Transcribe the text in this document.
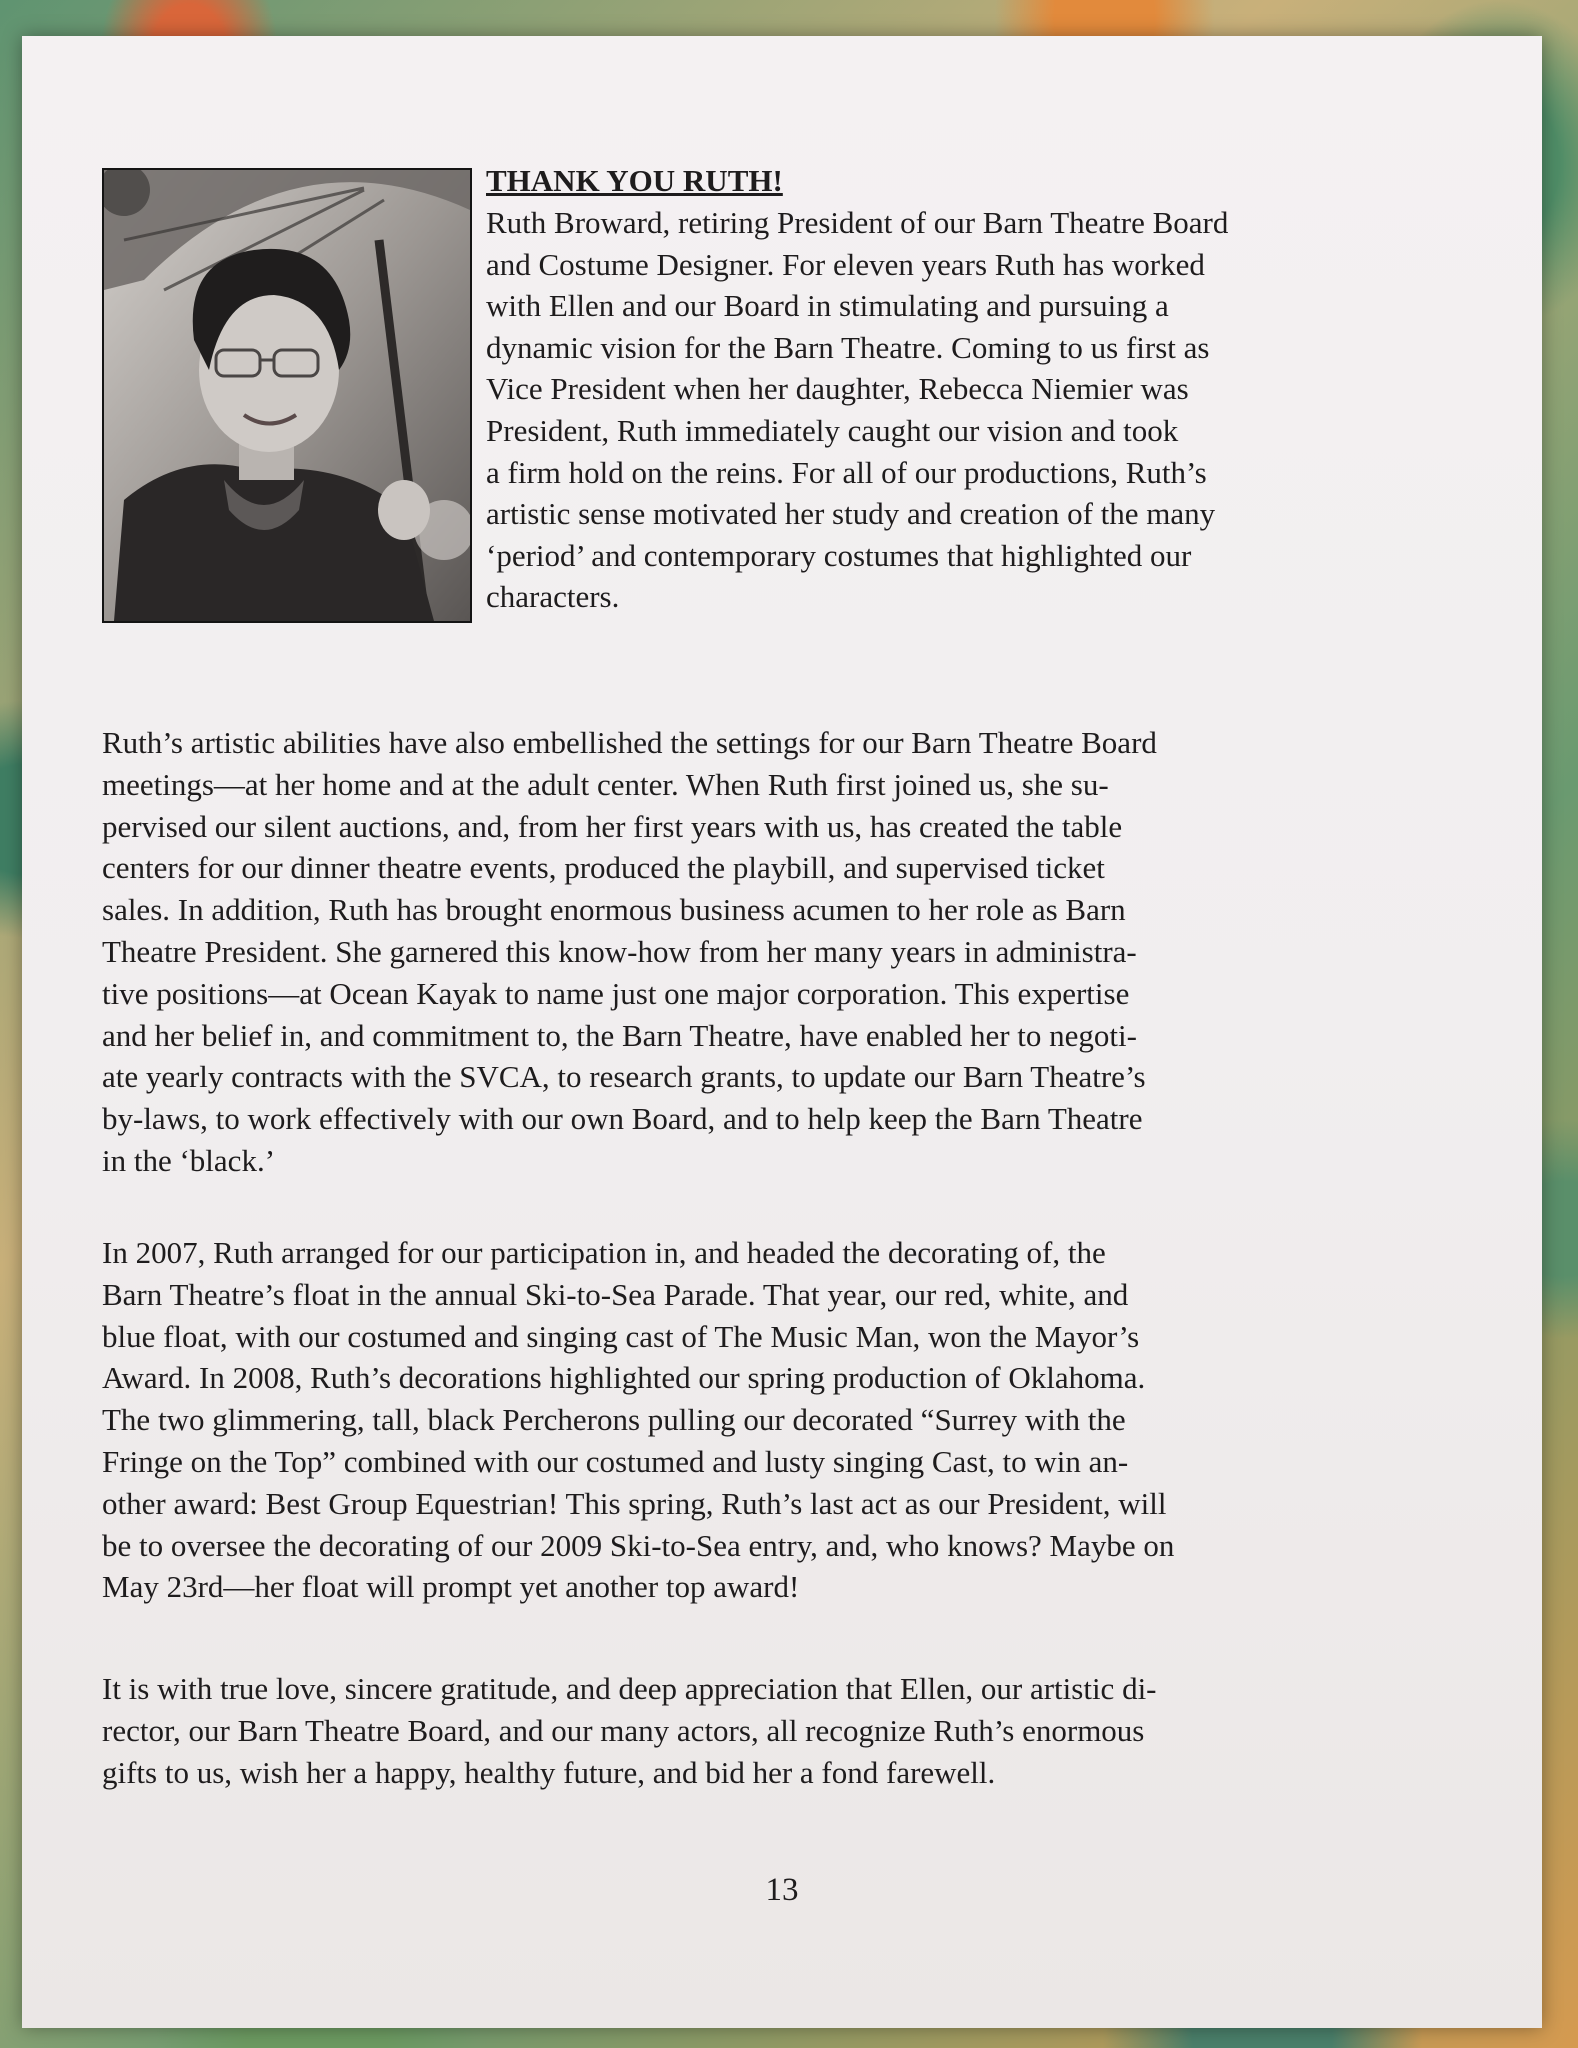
THANK YOU RUTH!

Ruth Broward, retiring President of our Barn Theatre Board
and Costume Designer. For eleven years Ruth has worked
with Ellen and our Board in stimulating and pursuing a
dynamic vision for the Barn Theatre. Coming to us first as
Vice President when her daughter, Rebecca Niemier was
President, Ruth immediately caught our vision and took
a firm hold on the reins. For all of our productions, Ruth’s
artistic sense motivated her study and creation of the many
‘period’ and contemporary costumes that highlighted our
characters.

Ruth’s artistic abilities have also embellished the settings for our Barn Theatre Board
meetings—at her home and at the adult center. When Ruth first joined us, she su-
pervised our silent auctions, and, from her first years with us, has created the table
centers for our dinner theatre events, produced the playbill, and supervised ticket
sales. In addition, Ruth has brought enormous business acumen to her role as Barn
Theatre President. She garnered this know-how from her many years in administra-
tive positions—at Ocean Kayak to name just one major corporation. This expertise
and her belief in, and commitment to, the Barn Theatre, have enabled her to negoti-
ate yearly contracts with the SVCA, to research grants, to update our Barn Theatre’s
by-laws, to work effectively with our own Board, and to help keep the Barn Theatre
in the ‘black.’

In 2007, Ruth arranged for our participation in, and headed the decorating of, the
Barn Theatre’s float in the annual Ski-to-Sea Parade. That year, our red, white, and
blue float, with our costumed and singing cast of The Music Man, won the Mayor’s
Award. In 2008, Ruth’s decorations highlighted our spring production of Oklahoma.
The two glimmering, tall, black Percherons pulling our decorated “Surrey with the
Fringe on the Top” combined with our costumed and lusty singing Cast, to win an-
other award: Best Group Equestrian! This spring, Ruth’s last act as our President, will
be to oversee the decorating of our 2009 Ski-to-Sea entry, and, who knows? Maybe on
May 23rd—her float will prompt yet another top award!

It is with true love, sincere gratitude, and deep appreciation that Ellen, our artistic di-
rector, our Barn Theatre Board, and our many actors, all recognize Ruth’s enormous
gifts to us, wish her a happy, healthy future, and bid her a fond farewell.

13
